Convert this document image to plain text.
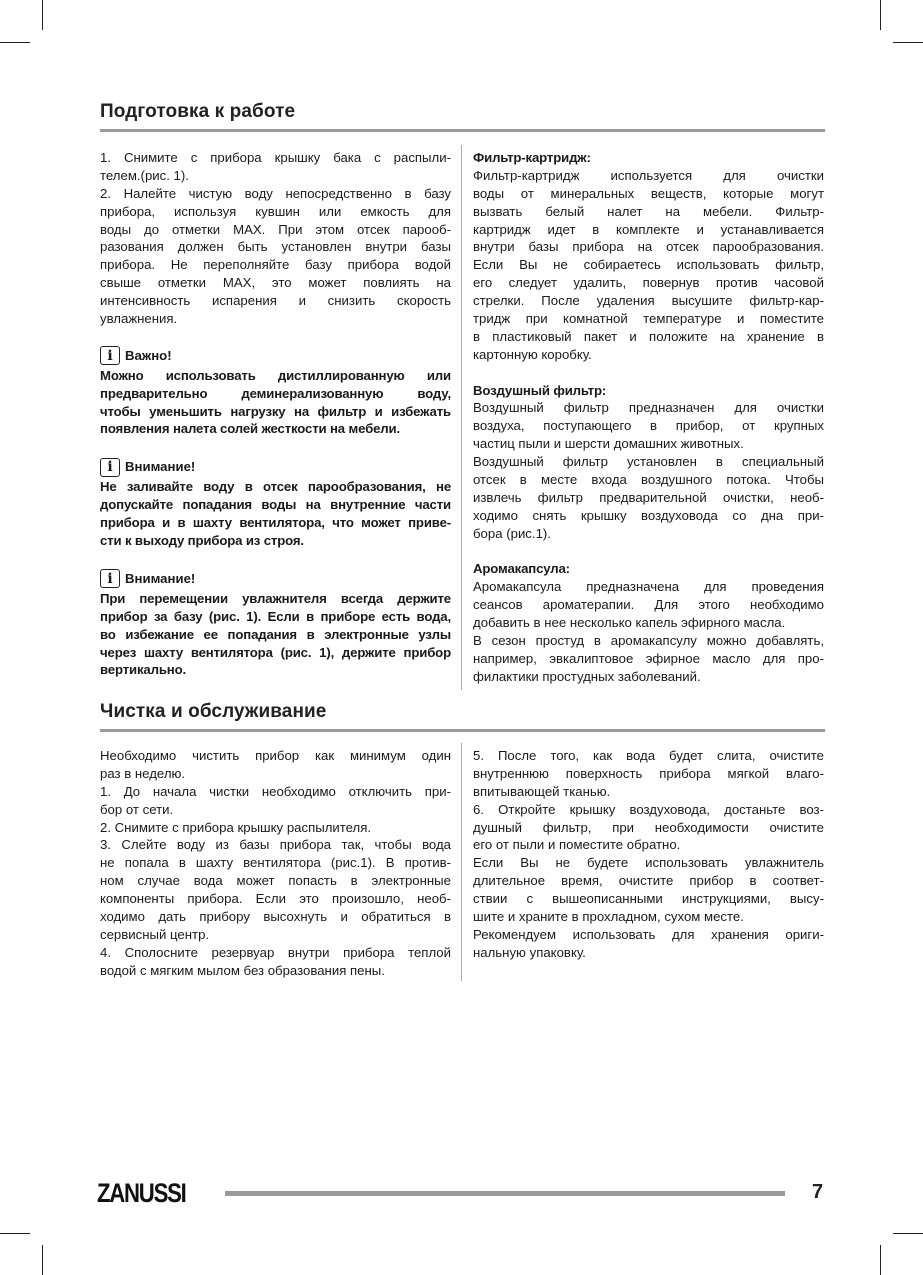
Подготовка к работе
1. Снимите с прибора крышку бака с распыли-
телем.(рис. 1).
2. Налейте чистую воду непосредственно в базу
прибора, используя кувшин или емкость для
воды до отметки MAX. При этом отсек пароoб-
разования должен быть установлен внутри базы
прибора. Не переполняйте базу прибора водой
свыше отметки MAX, это может повлиять на
интенсивность испарения и снизить скорость
увлажнения.
i Важно!
Можно использовать дистиллированную или
предварительно деминерализованную воду,
чтобы уменьшить нагрузку на фильтр и избежать
появления налета солей жесткости на мебели.
i Внимание!
Не заливайте воду в отсек парообразования, не
допускайте попадания воды на внутренние части
прибора и в шахту вентилятора, что может приве-
сти к выходу прибора из строя.
i Внимание!
При перемещении увлажнителя всегда держите
прибор за базу (рис. 1). Если в приборе есть вода,
во избежание ее попадания в электронные узлы
через шахту вентилятора (рис. 1), держите прибор
вертикально.
Фильтр-картридж:
Фильтр-картридж используется для очистки
воды от минеральных веществ, которые могут
вызвать белый налет на мебели. Фильтр-
картридж идет в комплекте и устанавливается
внутри базы прибора на отсек парообразования.
Если Вы не собираетесь использовать фильтр,
его следует удалить, повернув против часовой
стрелки. После удаления высушите фильтр-кар-
тридж при комнатной температуре и поместите
в пластиковый пакет и положите на хранение в
картонную коробку.
Воздушный фильтр:
Воздушный фильтр предназначен для очистки
воздуха, поступающего в прибор, от крупных
частиц пыли и шерсти домашних животных.
Воздушный фильтр установлен в специальный
отсек в месте входа воздушного потока. Чтобы
извлечь фильтр предварительной очистки, необ-
ходимо снять крышку воздуховода со дна при-
бора (рис.1).
Аромакапсула:
Аромакапсула предназначена для проведения
сеансов ароматерапии. Для этого необходимо
добавить в нее несколько капель эфирного масла.
В сезон простуд в аромакапсулу можно добавлять,
например, эвкалиптовое эфирное масло для про-
филактики простудных заболеваний.
Чистка и обслуживание
Необходимо чистить прибор как минимум один
раз в неделю.
1. До начала чистки необходимо отключить при-
бор от сети.
2. Снимите с прибора крышку распылителя.
3. Слейте воду из базы прибора так, чтобы вода
не попала в шахту вентилятора (рис.1). В против-
ном случае вода может попасть в электронные
компоненты прибора. Если это произошло, необ-
ходимо дать прибору высохнуть и обратиться в
сервисный центр.
4. Сполосните резервуар внутри прибора теплой
водой с мягким мылом без образования пены.
5. После того, как вода будет слита, очистите
внутреннюю поверхность прибора мягкой влаго-
впитывающей тканью.
6. Откройте крышку воздуховода, достаньте воз-
душный фильтр, при необходимости очистите
его от пыли и поместите обратно.
Если Вы не будете использовать увлажнитель
длительное время, очистите прибор в соответ-
ствии с вышеописанными инструкциями, высу-
шите и храните в прохладном, сухом месте.
Рекомендуем использовать для хранения ориги-
нальную упаковку.
ZANUSSI	7
